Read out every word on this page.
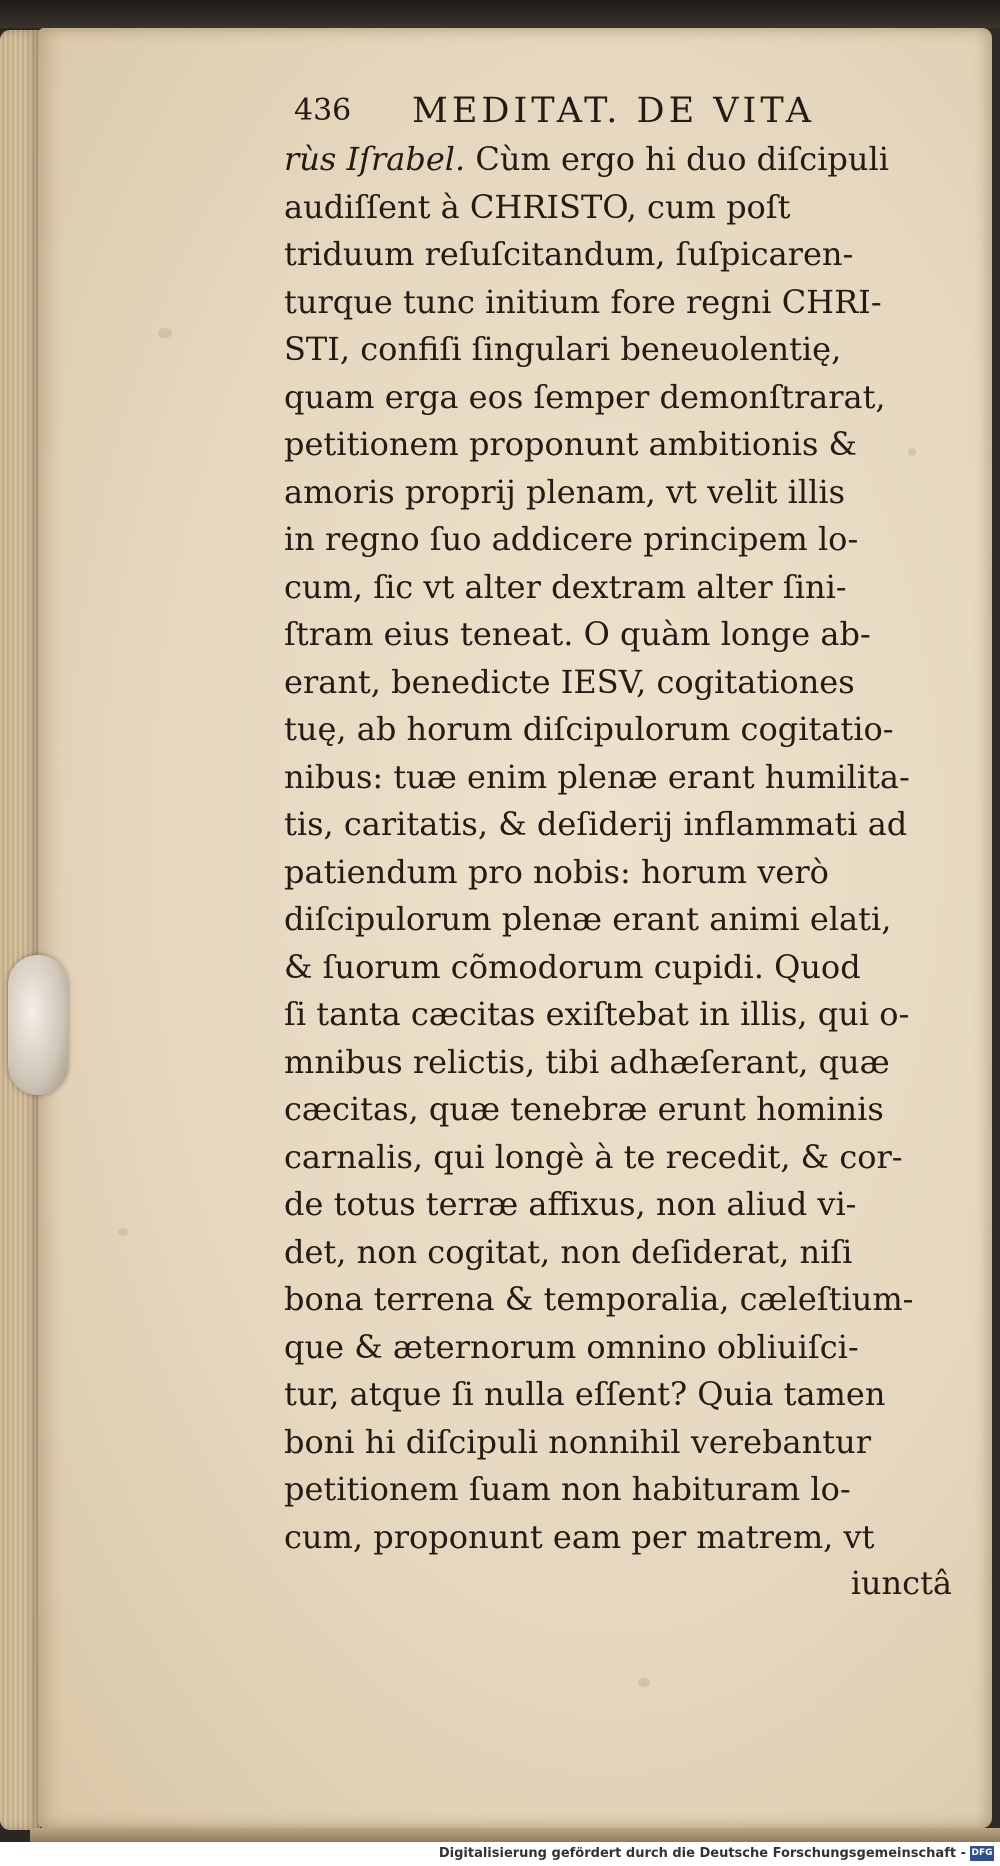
436 MEDITAT. DE VITA
rùs Iſrabel. Cùm ergo hi duo diſcipuli
audiſſent à CHRISTO, cum poſt
triduum reſuſcitandum, ſuſpicaren-
turque tunc initium fore regni CHRI-
STI, confiſi ſingulari beneuolentię,
quam erga eos ſemper demonſtrarat,
petitionem proponunt ambitionis &
amoris proprij plenam, vt velit illis
in regno ſuo addicere principem lo-
cum, ſic vt alter dextram alter ſini-
ſtram eius teneat. O quàm longe ab-
erant, benedicte IESV, cogitationes
tuę, ab horum diſcipulorum cogitatio-
nibus: tuæ enim plenæ erant humilita-
tis, caritatis, & deſiderij inflammati ad
patiendum pro nobis: horum verò
diſcipulorum plenæ erant animi elati,
& ſuorum cõmodorum cupidi. Quod
ſi tanta cæcitas exiſtebat in illis, qui o-
mnibus relictis, tibi adhæſerant, quæ
cæcitas, quæ tenebræ erunt hominis
carnalis, qui longè à te recedit, & cor-
de totus terræ affixus, non aliud vi-
det, non cogitat, non deſiderat, niſi
bona terrena & temporalia, cæleſtium-
que & æternorum omnino obliuiſci-
tur, atque ſi nulla eſſent? Quia tamen
boni hi diſcipuli nonnihil verebantur
petitionem ſuam non habituram lo-
cum, proponunt eam per matrem, vt
iunctâ
Digitalisierung gefördert durch die Deutsche Forschungsgemeinschaft - DFG
